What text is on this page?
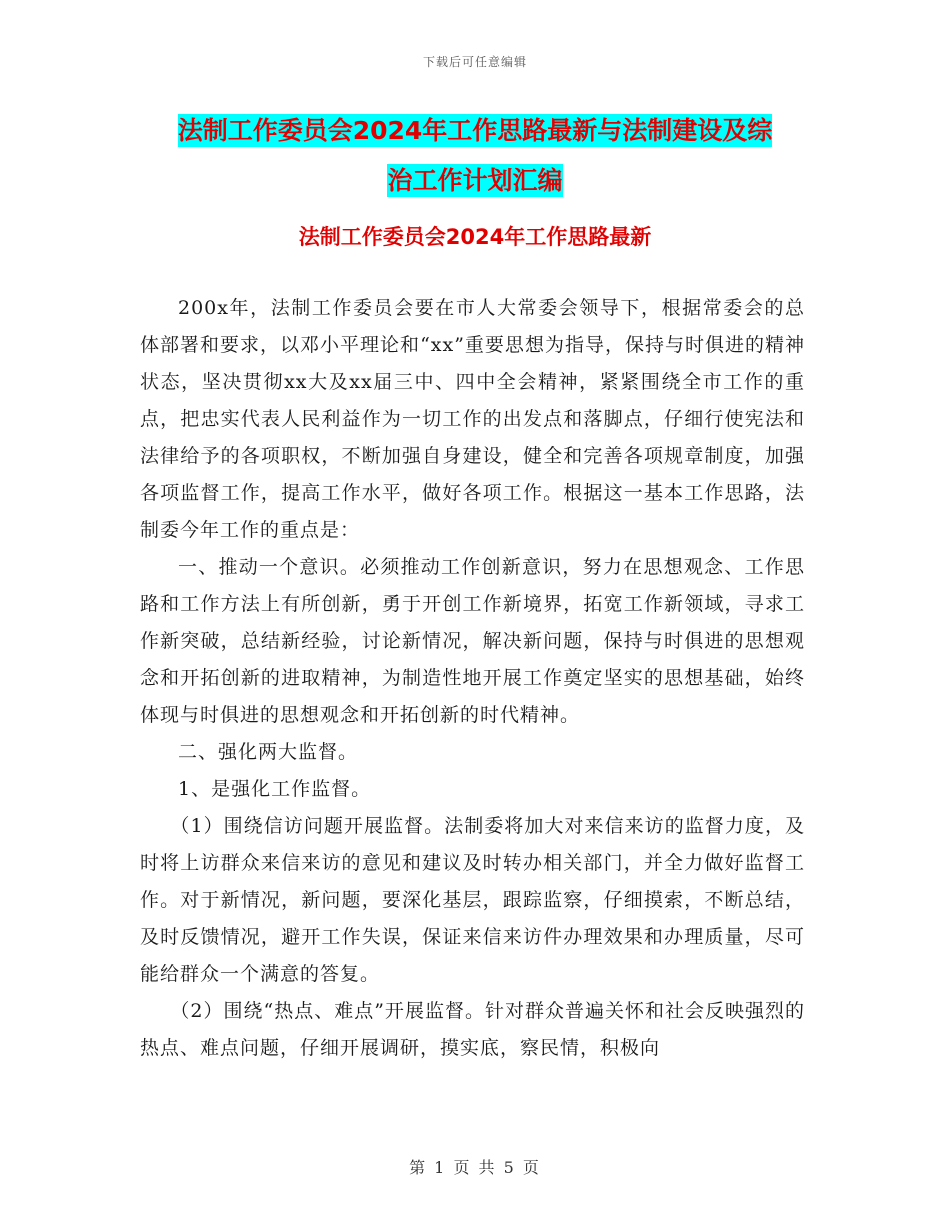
下载后可任意编辑
法制工作委员会2024年工作思路最新与法制建设及综
治工作计划汇编
法制工作委员会2024年工作思路最新

200x年，法制工作委员会要在市人大常委会领导下，根据常委会的总体部署和要求，以邓小平理论和“xx”重要思想为指导，保持与时俱进的精神状态，坚决贯彻xx大及xx届三中、四中全会精神，紧紧围绕全市工作的重点，把忠实代表人民利益作为一切工作的出发点和落脚点，仔细行使宪法和法律给予的各项职权，不断加强自身建设，健全和完善各项规章制度，加强各项监督工作，提高工作水平，做好各项工作。根据这一基本工作思路，法制委今年工作的重点是：

一、推动一个意识。必须推动工作创新意识，努力在思想观念、工作思路和工作方法上有所创新，勇于开创工作新境界，拓宽工作新领域，寻求工作新突破，总结新经验，讨论新情况，解决新问题，保持与时俱进的思想观念和开拓创新的进取精神，为制造性地开展工作奠定坚实的思想基础，始终体现与时俱进的思想观念和开拓创新的时代精神。

二、强化两大监督。

1、是强化工作监督。

（1）围绕信访问题开展监督。法制委将加大对来信来访的监督力度，及时将上访群众来信来访的意见和建议及时转办相关部门，并全力做好监督工作。对于新情况，新问题，要深化基层，跟踪监察，仔细摸索，不断总结，及时反馈情况，避开工作失误，保证来信来访件办理效果和办理质量，尽可能给群众一个满意的答复。

（2）围绕“热点、难点”开展监督。针对群众普遍关怀和社会反映强烈的热点、难点问题，仔细开展调研，摸实底，察民情，积极向

第 1 页 共 5 页
